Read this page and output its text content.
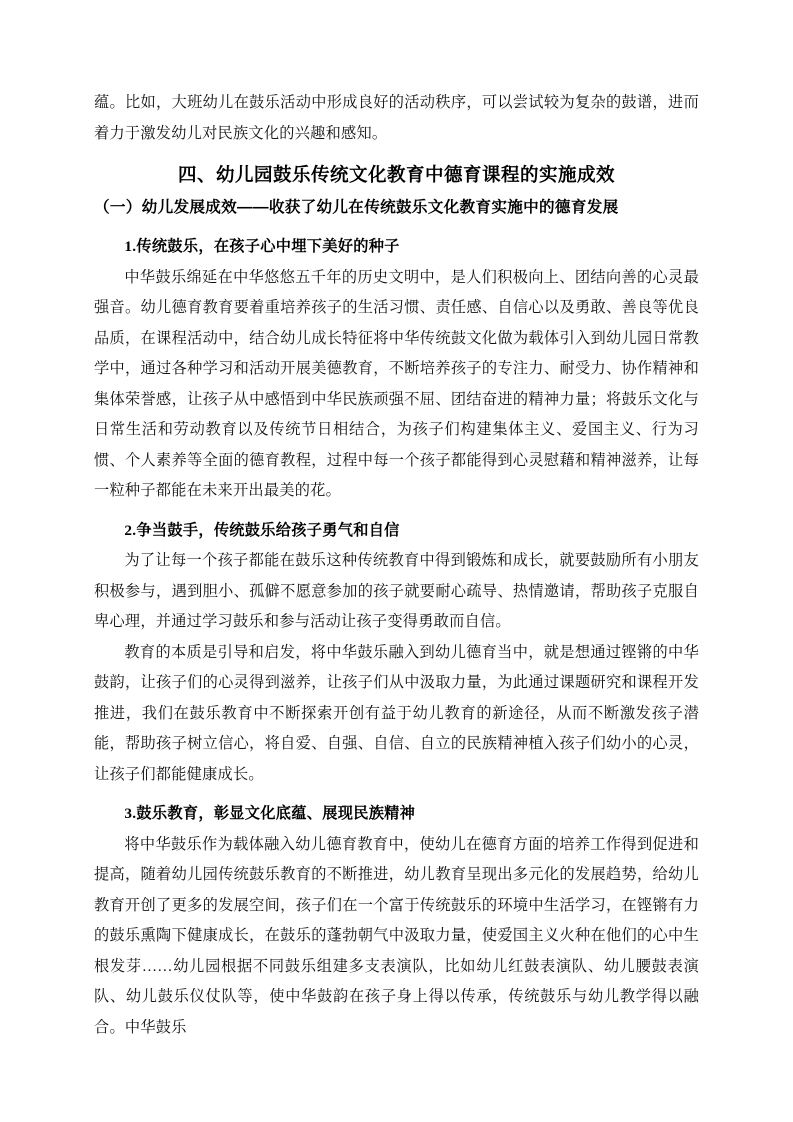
蕴。比如，大班幼儿在鼓乐活动中形成良好的活动秩序，可以尝试较为复杂的鼓谱，进而着力于激发幼儿对民族文化的兴趣和感知。

四、幼儿园鼓乐传统文化教育中德育课程的实施成效
（一）幼儿发展成效——收获了幼儿在传统鼓乐文化教育实施中的德育发展
1.传统鼓乐，在孩子心中埋下美好的种子

中华鼓乐绵延在中华悠悠五千年的历史文明中，是人们积极向上、团结向善的心灵最强音。幼儿德育教育要着重培养孩子的生活习惯、责任感、自信心以及勇敢、善良等优良品质，在课程活动中，结合幼儿成长特征将中华传统鼓文化做为载体引入到幼儿园日常教学中，通过各种学习和活动开展美德教育，不断培养孩子的专注力、耐受力、协作精神和集体荣誉感，让孩子从中感悟到中华民族顽强不屈、团结奋进的精神力量；将鼓乐文化与日常生活和劳动教育以及传统节日相结合，为孩子们构建集体主义、爱国主义、行为习惯、个人素养等全面的德育教程，过程中每一个孩子都能得到心灵慰藉和精神滋养，让每一粒种子都能在未来开出最美的花。

2.争当鼓手，传统鼓乐给孩子勇气和自信

为了让每一个孩子都能在鼓乐这种传统教育中得到锻炼和成长，就要鼓励所有小朋友积极参与，遇到胆小、孤僻不愿意参加的孩子就要耐心疏导、热情邀请，帮助孩子克服自卑心理，并通过学习鼓乐和参与活动让孩子变得勇敢而自信。

教育的本质是引导和启发，将中华鼓乐融入到幼儿德育当中，就是想通过铿锵的中华鼓韵，让孩子们的心灵得到滋养，让孩子们从中汲取力量，为此通过课题研究和课程开发推进，我们在鼓乐教育中不断探索开创有益于幼儿教育的新途径，从而不断激发孩子潜能，帮助孩子树立信心，将自爱、自强、自信、自立的民族精神植入孩子们幼小的心灵，让孩子们都能健康成长。

3.鼓乐教育，彰显文化底蕴、展现民族精神

将中华鼓乐作为载体融入幼儿德育教育中，使幼儿在德育方面的培养工作得到促进和提高，随着幼儿园传统鼓乐教育的不断推进，幼儿教育呈现出多元化的发展趋势，给幼儿教育开创了更多的发展空间，孩子们在一个富于传统鼓乐的环境中生活学习，在铿锵有力的鼓乐熏陶下健康成长，在鼓乐的蓬勃朝气中汲取力量，使爱国主义火种在他们的心中生根发芽……幼儿园根据不同鼓乐组建多支表演队，比如幼儿红鼓表演队、幼儿腰鼓表演队、幼儿鼓乐仪仗队等，使中华鼓韵在孩子身上得以传承，传统鼓乐与幼儿教学得以融合。中华鼓乐
